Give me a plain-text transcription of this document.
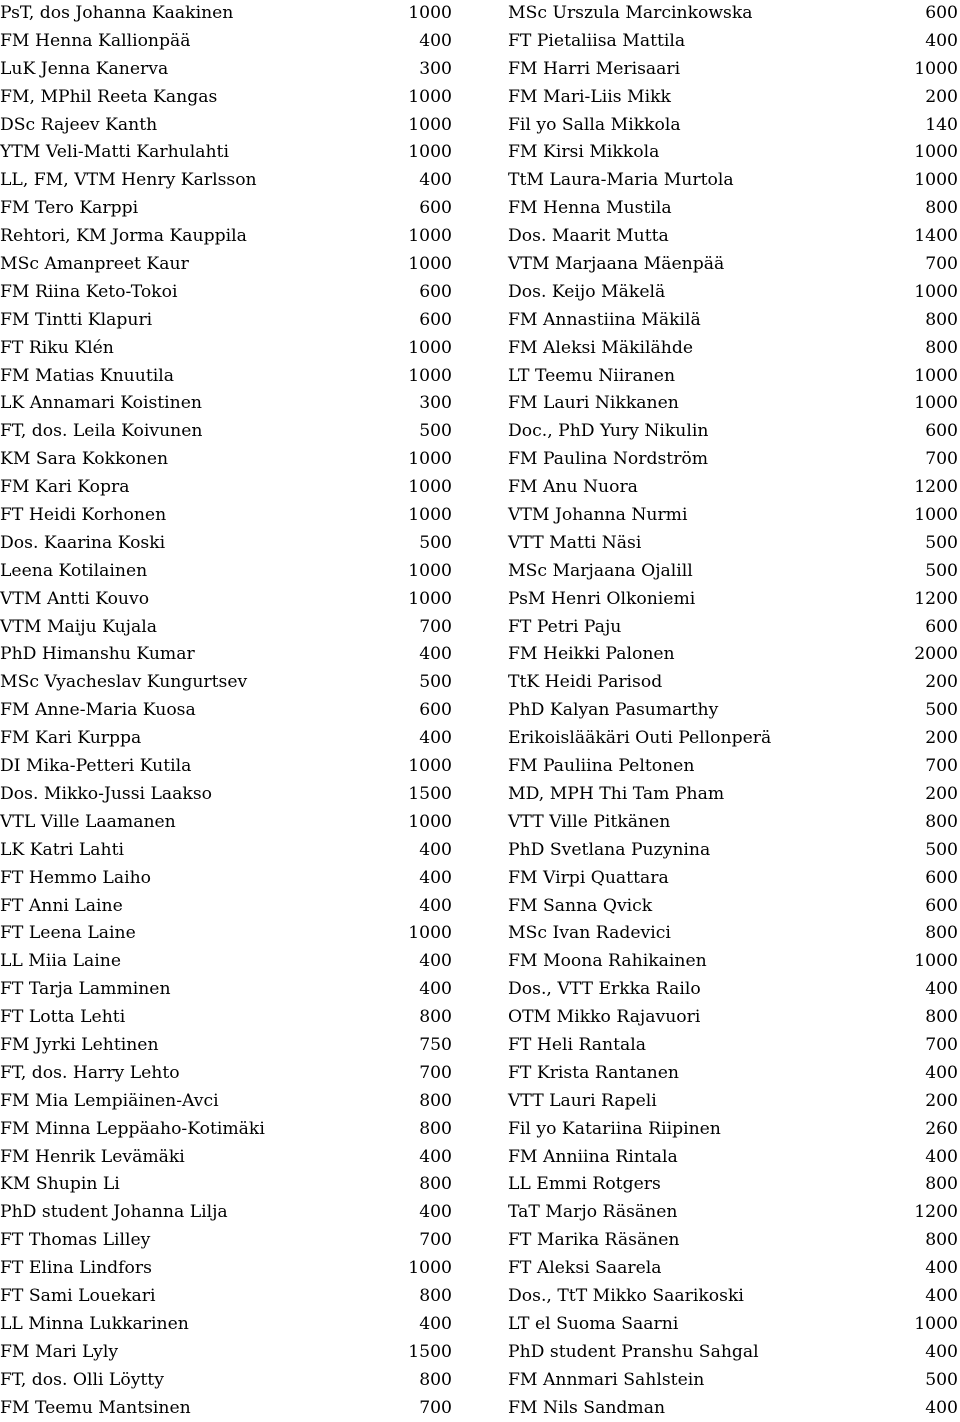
PsT, dos Johanna Kaakinen	1000
FM Henna Kallionpää	400
LuK Jenna Kanerva	300
FM, MPhil Reeta Kangas	1000
DSc Rajeev Kanth	1000
YTM Veli-Matti Karhulahti	1000
LL, FM, VTM Henry Karlsson	400
FM Tero Karppi	600
Rehtori, KM Jorma Kauppila	1000
MSc Amanpreet Kaur	1000
FM Riina Keto-Tokoi	600
FM Tintti Klapuri	600
FT Riku Klén	1000
FM Matias Knuutila	1000
LK Annamari Koistinen	300
FT, dos. Leila Koivunen	500
KM Sara Kokkonen	1000
FM Kari Kopra	1000
FT Heidi Korhonen	1000
Dos. Kaarina Koski	500
Leena Kotilainen	1000
VTM Antti Kouvo	1000
VTM Maiju Kujala	700
PhD Himanshu Kumar	400
MSc Vyacheslav Kungurtsev	500
FM Anne-Maria Kuosa	600
FM Kari Kurppa	400
DI Mika-Petteri Kutila	1000
Dos. Mikko-Jussi Laakso	1500
VTL Ville Laamanen	1000
LK Katri Lahti	400
FT Hemmo Laiho	400
FT Anni Laine	400
FT Leena Laine	1000
LL Miia Laine	400
FT Tarja Lamminen	400
FT Lotta Lehti	800
FM Jyrki Lehtinen	750
FT, dos. Harry Lehto	700
FM Mia Lempiäinen-Avci	800
FM Minna Leppäaho-Kotimäki	800
FM Henrik Levämäki	400
KM Shupin Li	800
PhD student Johanna Lilja	400
FT Thomas Lilley	700
FT Elina Lindfors	1000
FT Sami Louekari	800
LL Minna Lukkarinen	400
FM Mari Lyly	1500
FT, dos. Olli Löytty	800
FM Teemu Mantsinen	700
MSc Urszula Marcinkowska	600
FT Pietaliisa Mattila	400
FM Harri Merisaari	1000
FM Mari-Liis Mikk	200
Fil yo Salla Mikkola	140
FM Kirsi Mikkola	1000
TtM Laura-Maria Murtola	1000
FM Henna Mustila	800
Dos. Maarit Mutta	1400
VTM Marjaana Mäenpää	700
Dos. Keijo Mäkelä	1000
FM Annastiina Mäkilä	800
FM Aleksi Mäkilähde	800
LT Teemu Niiranen	1000
FM Lauri Nikkanen	1000
Doc., PhD Yury Nikulin	600
FM Paulina Nordström	700
FM Anu Nuora	1200
VTM Johanna Nurmi	1000
VTT Matti Näsi	500
MSc Marjaana Ojalill	500
PsM Henri Olkoniemi	1200
FT Petri Paju	600
FM Heikki Palonen	2000
TtK Heidi Parisod	200
PhD Kalyan Pasumarthy	500
Erikoislääkäri Outi Pellonperä	200
FM Pauliina Peltonen	700
MD, MPH Thi Tam Pham	200
VTT Ville Pitkänen	800
PhD Svetlana Puzynina	500
FM Virpi Quattara	600
FM Sanna Qvick	600
MSc Ivan Radevici	800
FM Moona Rahikainen	1000
Dos., VTT Erkka Railo	400
OTM Mikko Rajavuori	800
FT Heli Rantala	700
FT Krista Rantanen	400
VTT Lauri Rapeli	200
Fil yo Katariina Riipinen	260
FM Anniina Rintala	400
LL Emmi Rotgers	800
TaT Marjo Räsänen	1200
FT Marika Räsänen	800
FT Aleksi Saarela	400
Dos., TtT Mikko Saarikoski	400
LT el Suoma Saarni	1000
PhD student Pranshu Sahgal	400
FM Annmari Sahlstein	500
FM Nils Sandman	400
